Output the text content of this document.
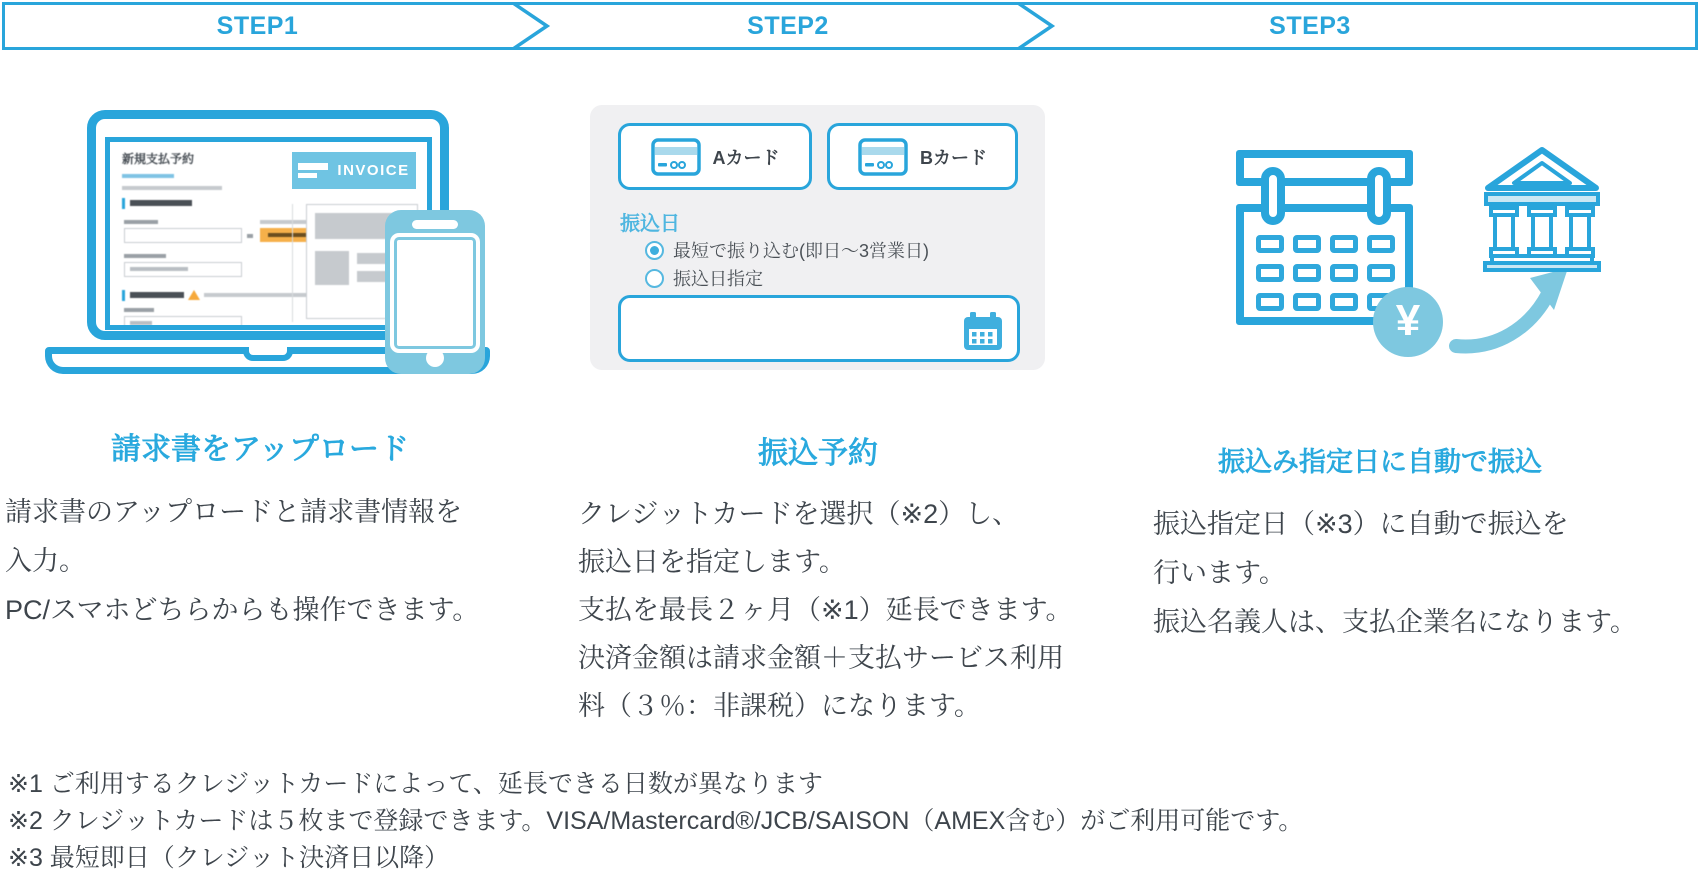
STEP1	STEP2	STEP3
新規支払予約
INVOICE
Aカード	Bカード
振込日
最短で振り込む(即日〜3営業日)
振込日指定
¥
請求書をアップロード	振込予約	振込み指定日に自動で振込
請求書のアップロードと請求書情報を
入力。
PC/スマホどちらからも操作できます。
クレジットカードを選択（※2）し、
振込日を指定します。
支払を最長２ヶ月（※1）延長できます。
決済金額は請求金額＋支払サービス利用
料（３％：非課税）になります。
振込指定日（※3）に自動で振込を
行います。
振込名義人は、支払企業名になります。
※1 ご利用するクレジットカードによって、延長できる日数が異なります
※2 クレジットカードは５枚まで登録できます。VISA/Mastercard®/JCB/SAISON（AMEX含む）がご利用可能です。
※3 最短即日（クレジット決済日以降）
